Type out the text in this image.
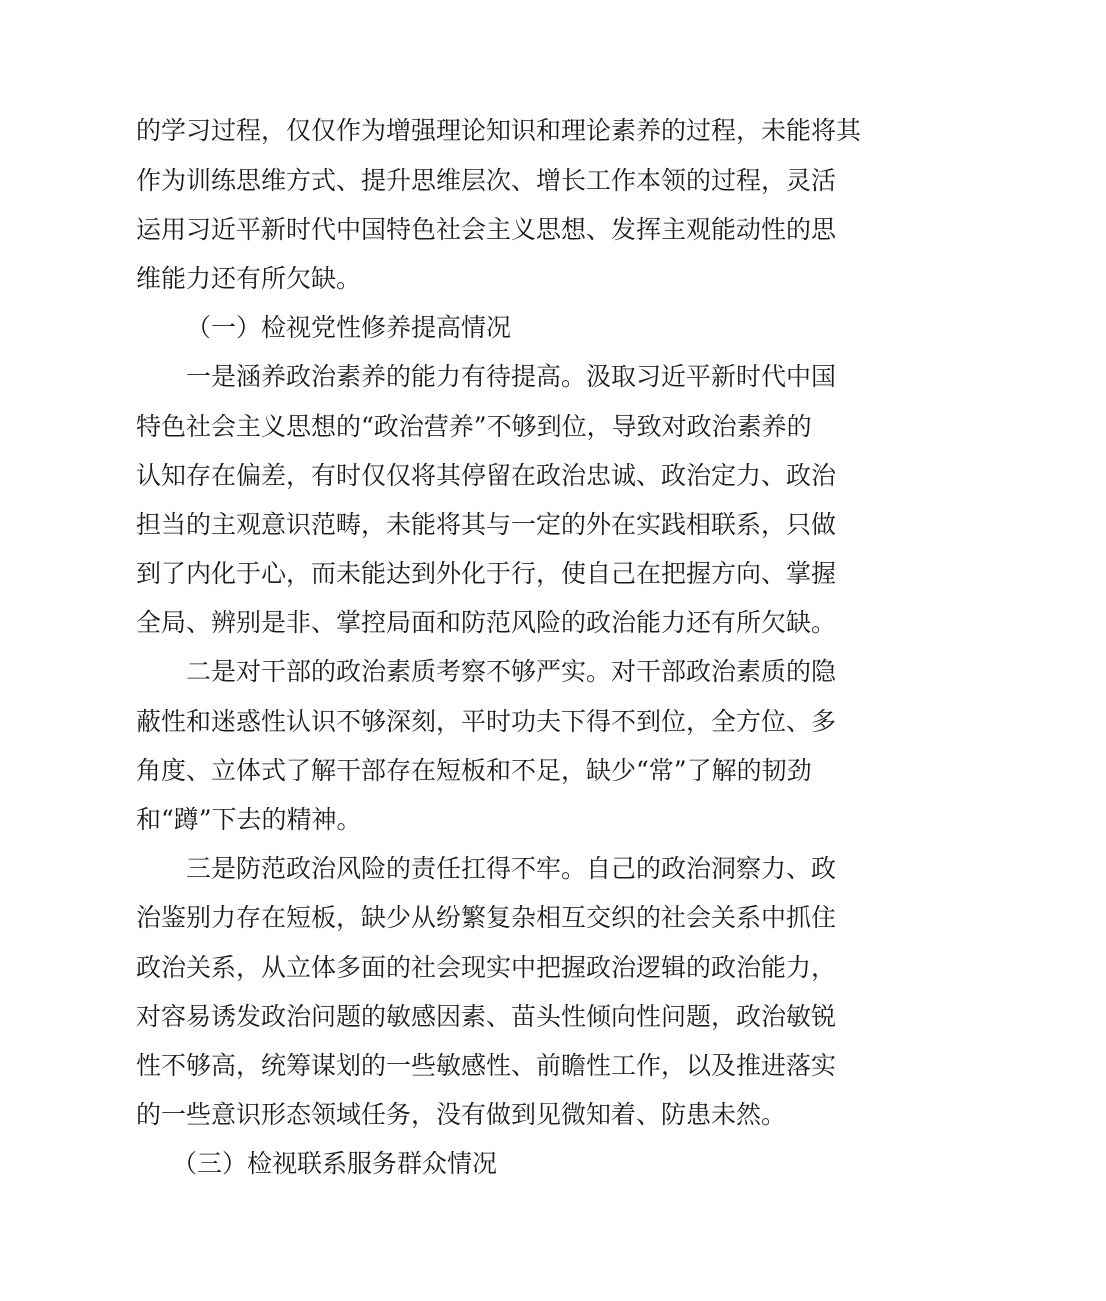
的学习过程，仅仅作为增强理论知识和理论素养的过程，未能将其
作为训练思维方式、提升思维层次、增长工作本领的过程，灵活
运用习近平新时代中国特色社会主义思想、发挥主观能动性的思
维能力还有所欠缺。
（一）检视党性修养提高情况
一是涵养政治素养的能力有待提高。汲取习近平新时代中国
特色社会主义思想的“政治营养”不够到位，导致对政治素养的
认知存在偏差，有时仅仅将其停留在政治忠诚、政治定力、政治
担当的主观意识范畴，未能将其与一定的外在实践相联系，只做
到了内化于心，而未能达到外化于行，使自己在把握方向、掌握
全局、辨别是非、掌控局面和防范风险的政治能力还有所欠缺。
二是对干部的政治素质考察不够严实。对干部政治素质的隐
蔽性和迷惑性认识不够深刻，平时功夫下得不到位，全方位、多
角度、立体式了解干部存在短板和不足，缺少“常”了解的韧劲
和“蹲”下去的精神。
三是防范政治风险的责任扛得不牢。自己的政治洞察力、政
治鉴别力存在短板，缺少从纷繁复杂相互交织的社会关系中抓住
政治关系，从立体多面的社会现实中把握政治逻辑的政治能力，
对容易诱发政治问题的敏感因素、苗头性倾向性问题，政治敏锐
性不够高，统筹谋划的一些敏感性、前瞻性工作，以及推进落实
的一些意识形态领域任务，没有做到见微知着、防患未然。
（三）检视联系服务群众情况
